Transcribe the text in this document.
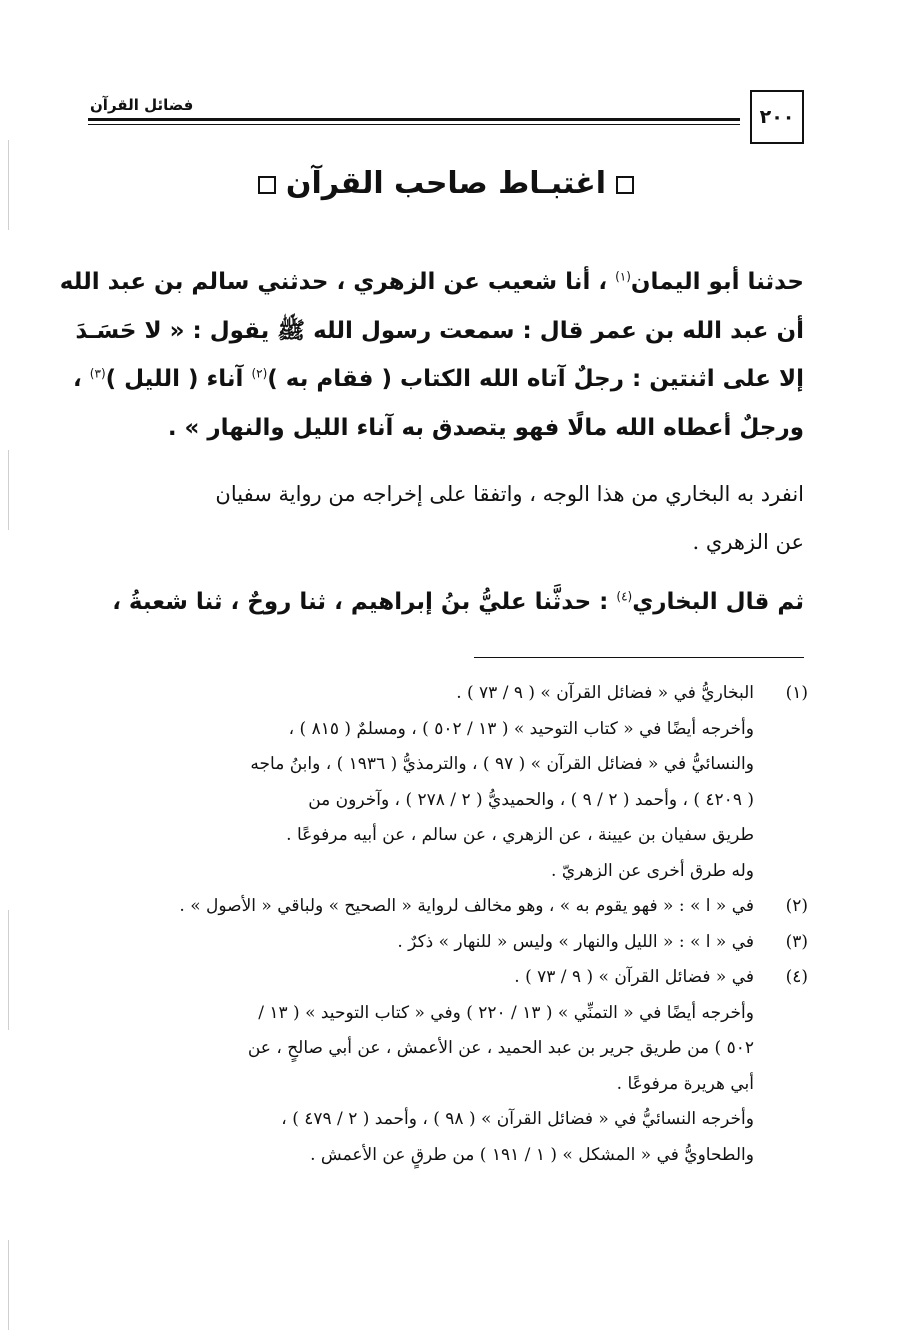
٢٠٠
فضائل القرآن
اغتبـاط صاحب القرآن
حدثنا أبو اليمان$^{(١)}$ ، أنا شعيب عن الزهري ، حدثني سالم بن عبد الله
أن عبد الله بن عمر قال : سمعت رسول الله ﷺ يقول : « لا حَسَـدَ
إلا على اثنتين : رجلٌ آتاه الله الكتاب ( فقام به )$^{(٢)}$ آناء ( الليل )$^{(٣)}$ ،
ورجلٌ أعطاه الله مالًا فهو يتصدق به آناء الليل والنهار » .
انفرد به البخاري من هذا الوجه ، واتفقا على إخراجه من رواية سفيان
عن الزهري .
ثم قال البخاري$^{(٤)}$ : حدثَّنا عليُّ بنُ إبراهيم ، ثنا روحٌ ، ثنا شعبةُ ،
(١)
البخاريُّ في « فضائل القرآن » ( ٩ / ٧٣ ) .
وأخرجه أيضًا في « كتاب التوحيد » ( ١٣ / ٥٠٢ ) ، ومسلمٌ ( ٨١٥ ) ،
والنسائيُّ في « فضائل القرآن » ( ٩٧ ) ، والترمذيُّ ( ١٩٣٦ ) ، وابنُ ماجه
( ٤٢٠٩ ) ، وأحمد ( ٢ / ٩ ) ، والحميديُّ ( ٢ / ٢٧٨ ) ، وآخرون من
طريق سفيان بن عيينة ، عن الزهري ، عن سالم ، عن أبيه مرفوعًا .
وله طرق أخرى عن الزهريّ .
(٢)
في « ا » : « فهو يقوم به » ، وهو مخالف لرواية « الصحيح » ولباقي « الأصول » .
(٣)
في « ا » : « الليل والنهار » وليس « للنهار » ذكرٌ .
(٤)
في « فضائل القرآن » ( ٩ / ٧٣ ) .
وأخرجه أيضًا في « التمنِّي » ( ١٣ / ٢٢٠ ) وفي « كتاب التوحيد » ( ١٣ /
٥٠٢ ) من طريق جرير بن عبد الحميد ، عن الأعمش ، عن أبي صالحٍ ، عن
أبي هريرة مرفوعًا .
وأخرجه النسائيُّ في « فضائل القرآن » ( ٩٨ ) ، وأحمد ( ٢ / ٤٧٩ ) ،
والطحاويُّ في « المشكل » ( ١ / ١٩١ ) من طرقٍ عن الأعمش .
